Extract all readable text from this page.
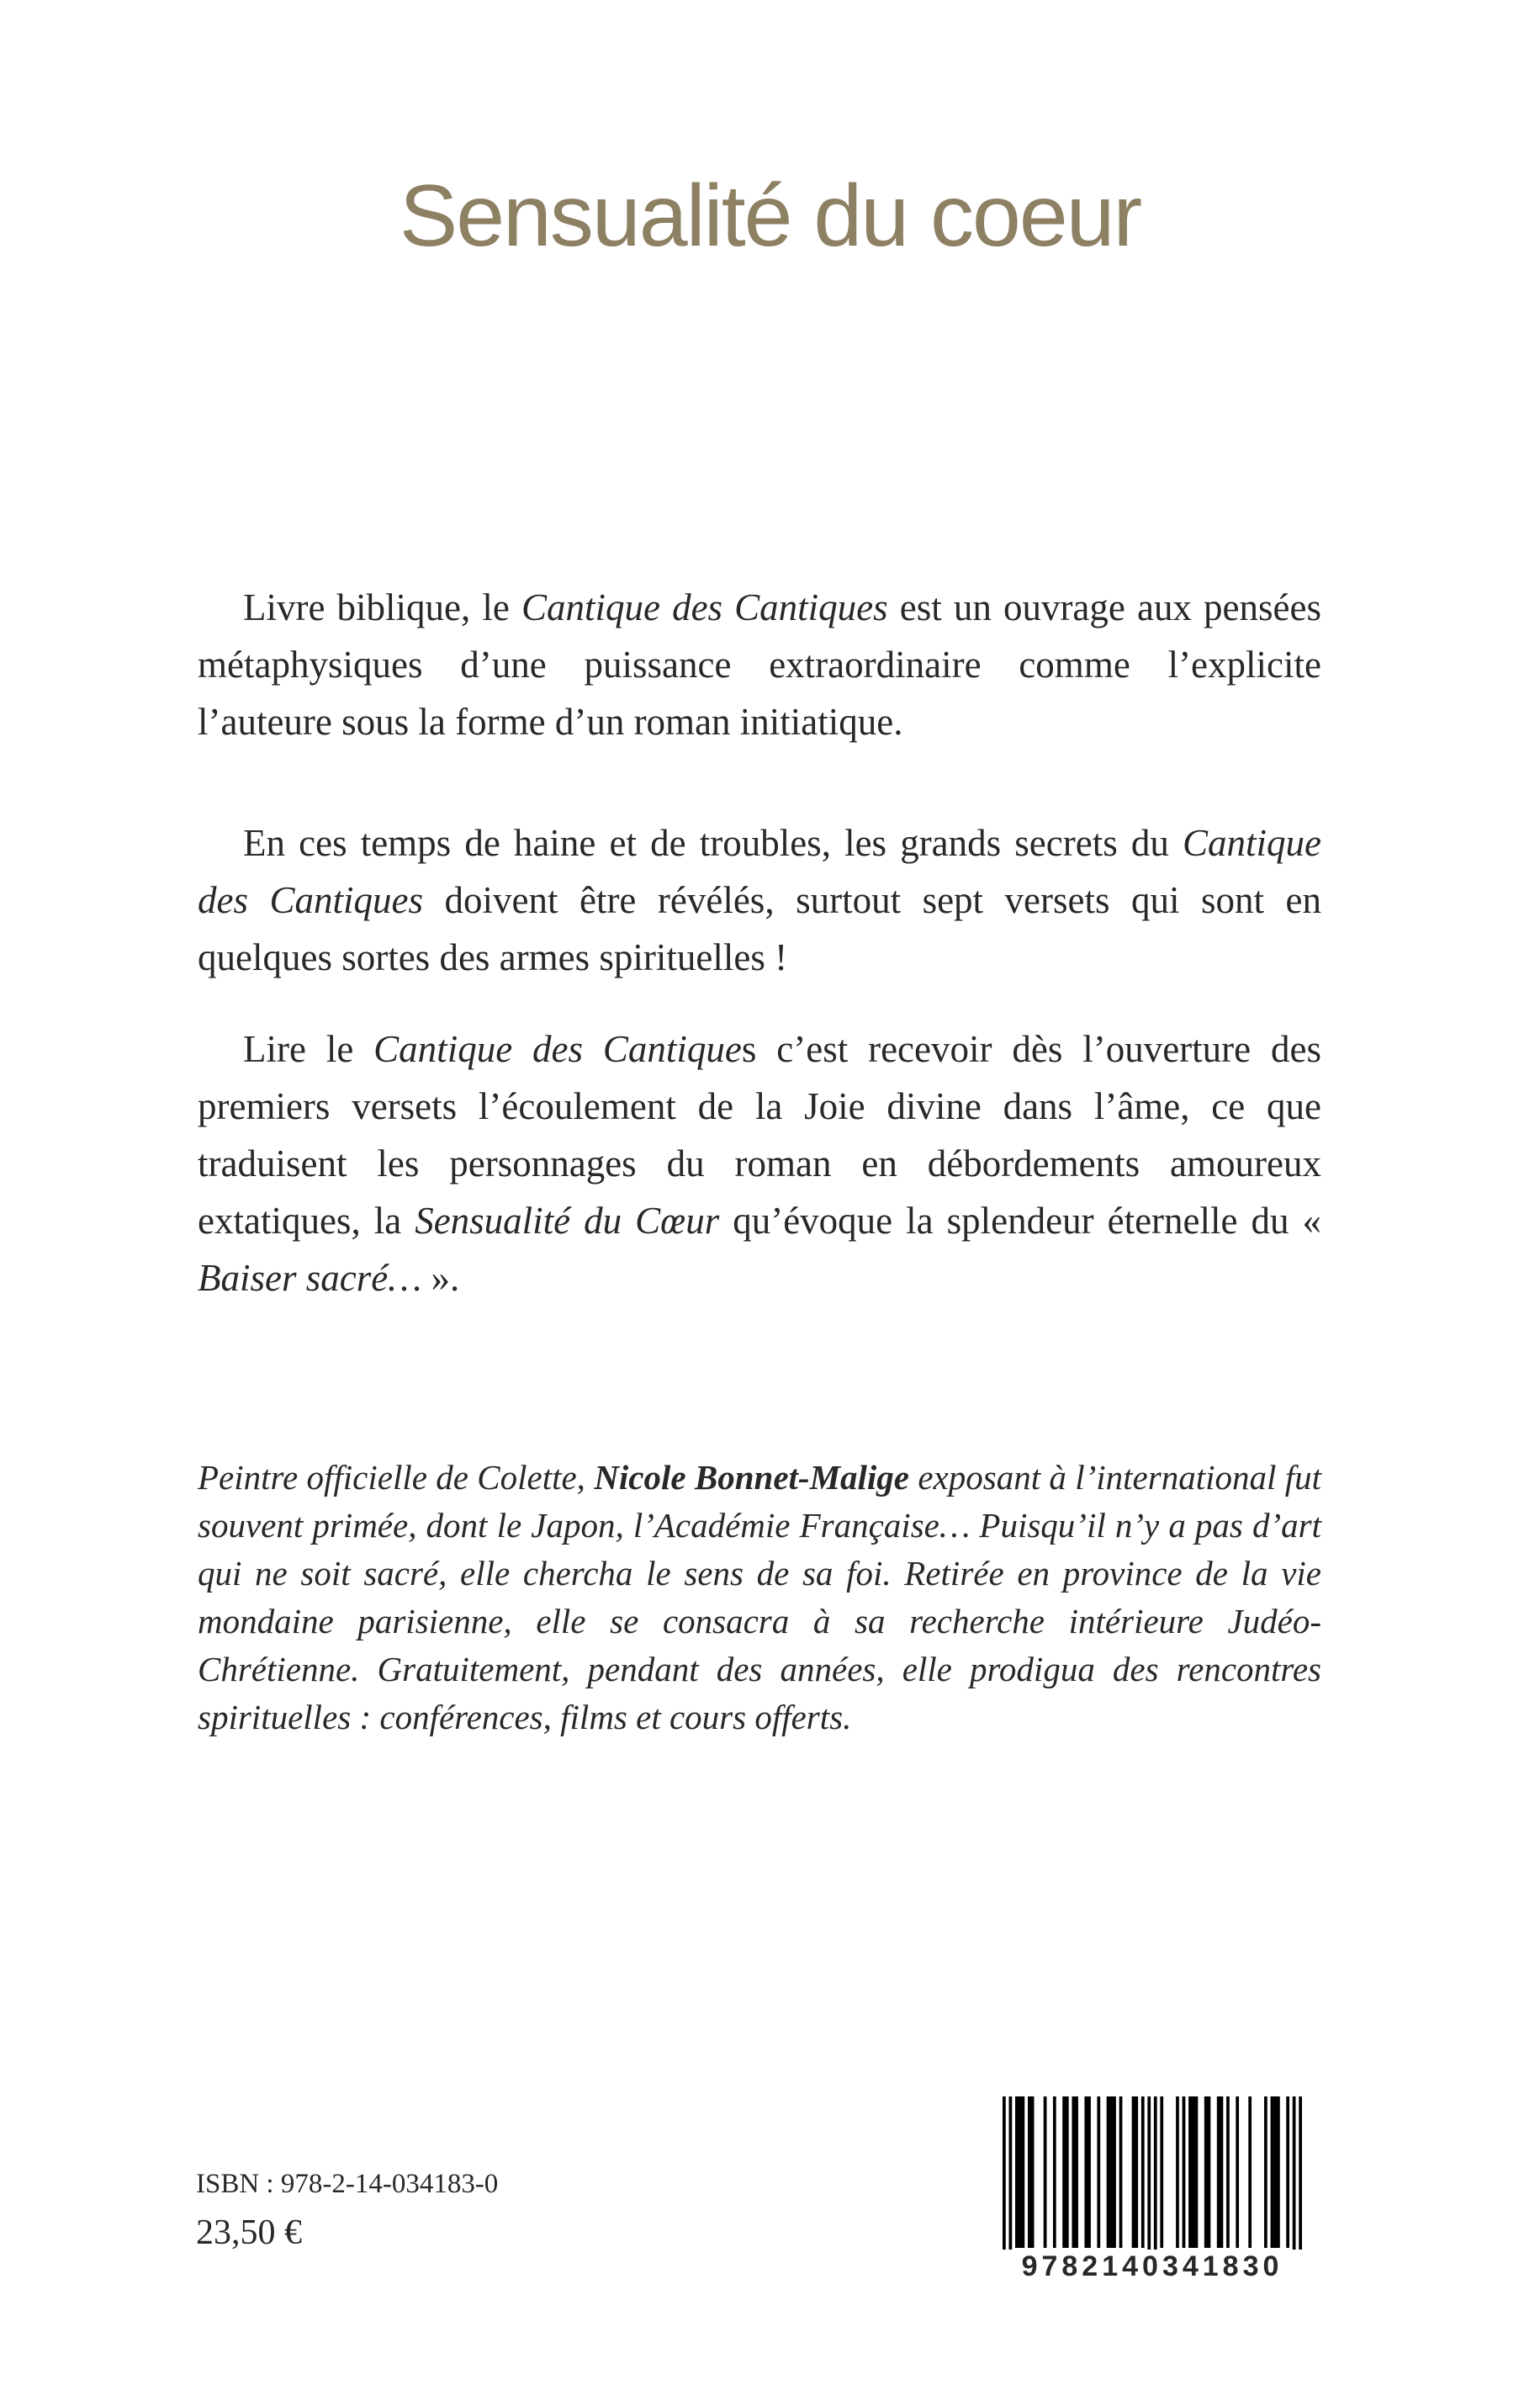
Sensualité du coeur

Livre biblique, le Cantique des Cantiques est un ouvrage aux pensées métaphysiques d’une puissance extraordinaire comme l’explicite l’auteure sous la forme d’un roman initiatique.

En ces temps de haine et de troubles, les grands secrets du Cantique des Cantiques doivent être révélés, surtout sept versets qui sont en quelques sortes des armes spirituelles !

Lire le Cantique des Cantiques c’est recevoir dès l’ouverture des premiers versets l’écoulement de la Joie divine dans l’âme, ce que traduisent les personnages du roman en débordements amoureux extatiques, la Sensualité du Cœur qu’évoque la splendeur éternelle du « Baiser sacré… ».

Peintre officielle de Colette, Nicole Bonnet-Malige exposant à l’international fut souvent primée, dont le Japon, l’Académie Française… Puisqu’il n’y a pas d’art qui ne soit sacré, elle chercha le sens de sa foi. Retirée en province de la vie mondaine parisienne, elle se consacra à sa recherche intérieure Judéo-Chrétienne. Gratuitement, pendant des années, elle prodigua des rencontres spirituelles : conférences, films et cours offerts.
ISBN : 978-2-14-034183-0
23,50 €
9782140341830
